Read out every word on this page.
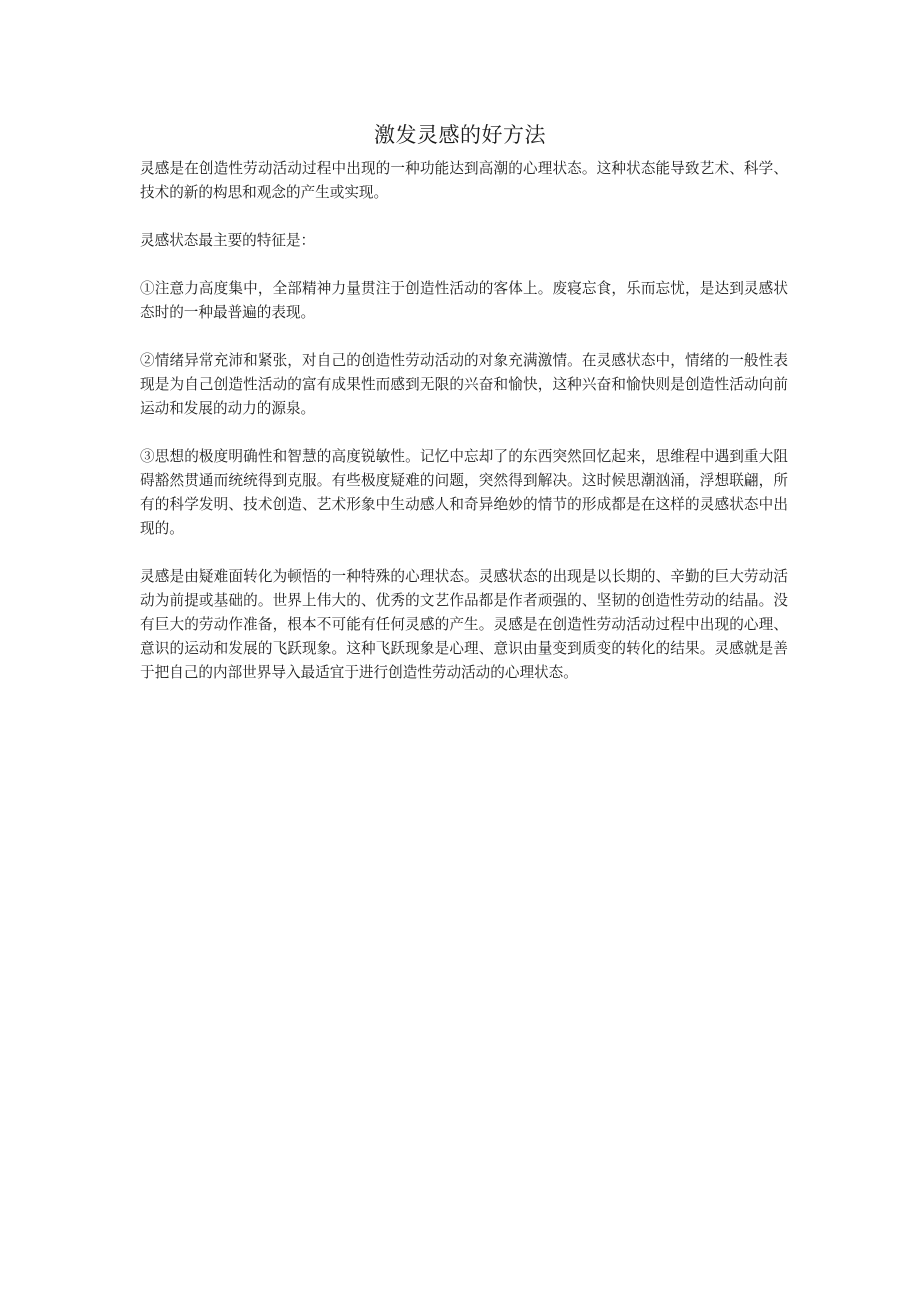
激发灵感的好方法

灵感是在创造性劳动活动过程中出现的一种功能达到高潮的心理状态。这种状态能导致艺术、科学、技术的新的构思和观念的产生或实现。

灵感状态最主要的特征是：

①注意力高度集中，全部精神力量贯注于创造性活动的客体上。废寝忘食，乐而忘忧，是达到灵感状态时的一种最普遍的表现。

②情绪异常充沛和紧张，对自己的创造性劳动活动的对象充满激情。在灵感状态中，情绪的一般性表现是为自己创造性活动的富有成果性而感到无限的兴奋和愉快，这种兴奋和愉快则是创造性活动向前运动和发展的动力的源泉。

③思想的极度明确性和智慧的高度锐敏性。记忆中忘却了的东西突然回忆起来，思维程中遇到重大阻碍豁然贯通而统统得到克服。有些极度疑难的问题，突然得到解决。这时候思潮汹涌，浮想联翩，所有的科学发明、技术创造、艺术形象中生动感人和奇异绝妙的情节的形成都是在这样的灵感状态中出现的。

灵感是由疑难面转化为顿悟的一种特殊的心理状态。灵感状态的出现是以长期的、辛勤的巨大劳动活动为前提或基础的。世界上伟大的、优秀的文艺作品都是作者顽强的、坚韧的创造性劳动的结晶。没有巨大的劳动作准备，根本不可能有任何灵感的产生。灵感是在创造性劳动活动过程中出现的心理、意识的运动和发展的飞跃现象。这种飞跃现象是心理、意识由量变到质变的转化的结果。灵感就是善于把自己的内部世界导入最适宜于进行创造性劳动活动的心理状态。
